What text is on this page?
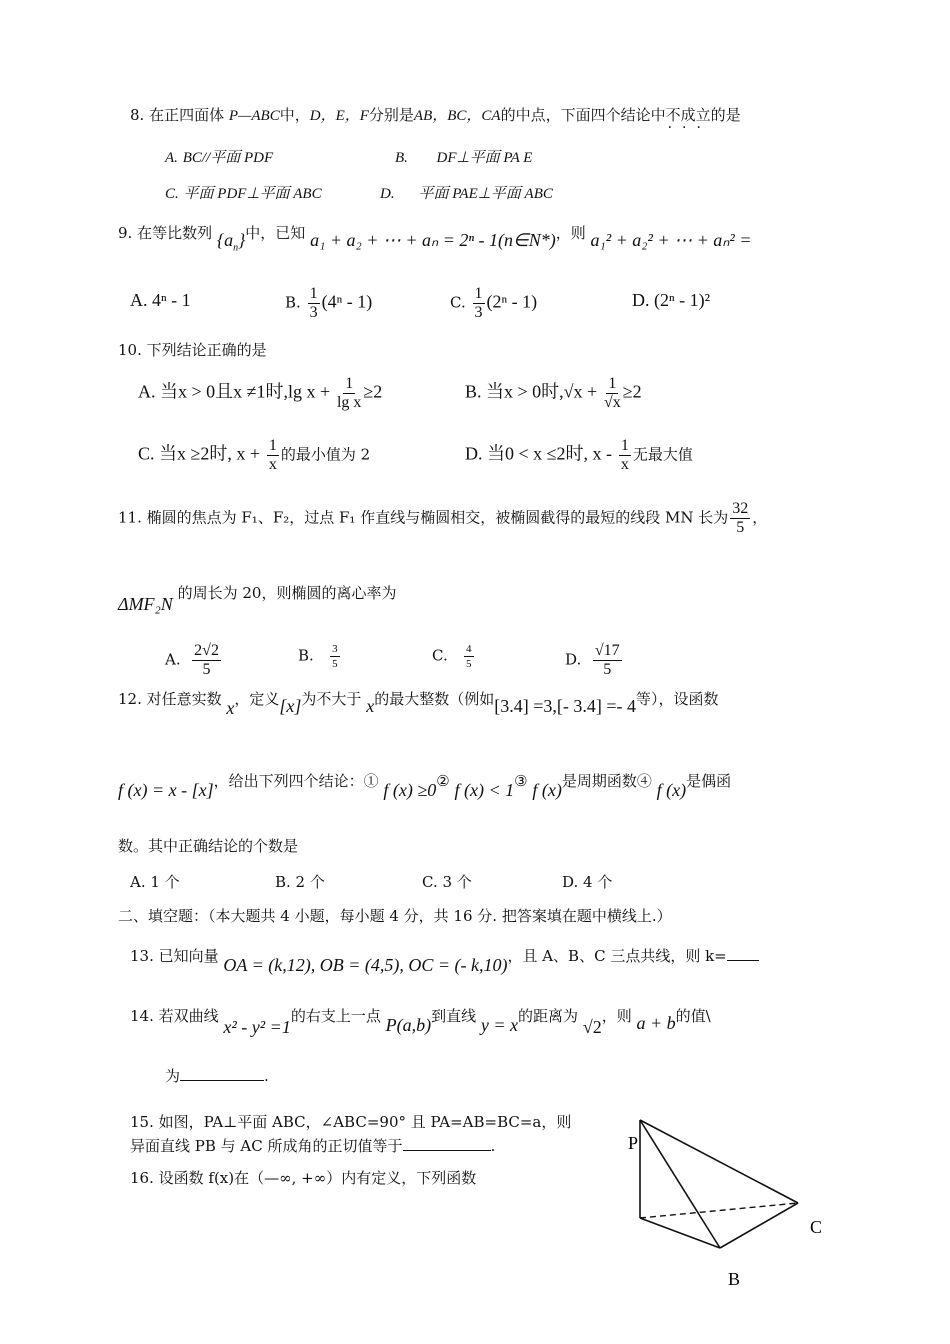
8. 在正四面体 P—ABC中，D，E，F分别是AB，BC，CA的中点，下面四个结论中不成立 · · ·的是
A. BC//平面 PDF	B. DF⊥平面 PA E
C. 平面 PDF⊥平面 ABC	D. 平面 PAE⊥平面 ABC
9. 在等比数列 $\{a_n\}$中，已知 a₁ + a₂ + ⋯ + aₙ = 2ⁿ - 1(n∈N*)，则 a₁² + a₂² + ⋯ + aₙ² =
A. 4ⁿ - 1	B. $\frac{1}{3} (4^n - 1)$	C. $\frac{1}{3} (2^n - 1)$	D. (2ⁿ - 1)²
10. 下列结论正确的是
A. 当x > 0且x ≠1时,lg $x + \frac{1}{\text{lg x}} \ge 2$	B. 当x > 0时$,√x + \frac{1}{√x} \ge 2$
C. 当x ≥2时, $x + \frac{1}{x}$ 的最小值为 2	D. 当0 < x ≤2时, x - $\frac{1}{x}$ 无最大值
11. 椭圆的焦点为 F₁、F₂，过点 F₁ 作直线与椭圆相交，被椭圆截得的最短的线段 MN 长为 $\frac{32}{5}$ ，
ΔMF₂N 的周长为 20，则椭圆的离心率为
A. $\frac{2√2}{5}$	B. $\frac{3}{5}$	C. $\frac{4}{5}$	D. $\frac{√17}{5}$
12. 对任意实数 x，定义[x]为不大于 x的最大整数（例如[3.4] =3,[- 3.4] =- 4等），设函数
f (x) = x - [x]，给出下列四个结论：① f (x) ≥0② f (x) < 1③ f (x)是周期函数④ f (x)是偶函
数。其中正确结论的个数是
A. 1 个	B. 2 个	C. 3 个	D. 4 个
二、填空题：（本大题共 4 小题，每小题 4 分，共 16 分. 把答案填在题中横线上.）
13. 已知向量 OA = (k,12), OB = (4,5), OC = (- k,10)，且 A、B、C 三点共线，则 k=
14. 若双曲线 x² - y² =1的右支上一点 P(a,b)到直线 y = x的距离为 √2，则 a + b的值\
为	.
15. 如图，PA⊥平面 ABC，∠ABC=90° 且 PA=AB=BC=a，则
异面直线 PB 与 AC 所成角的正切值等于	.
16. 设函数 f(x)在（—∞, +∞）内有定义，下列函数
P
C
B
